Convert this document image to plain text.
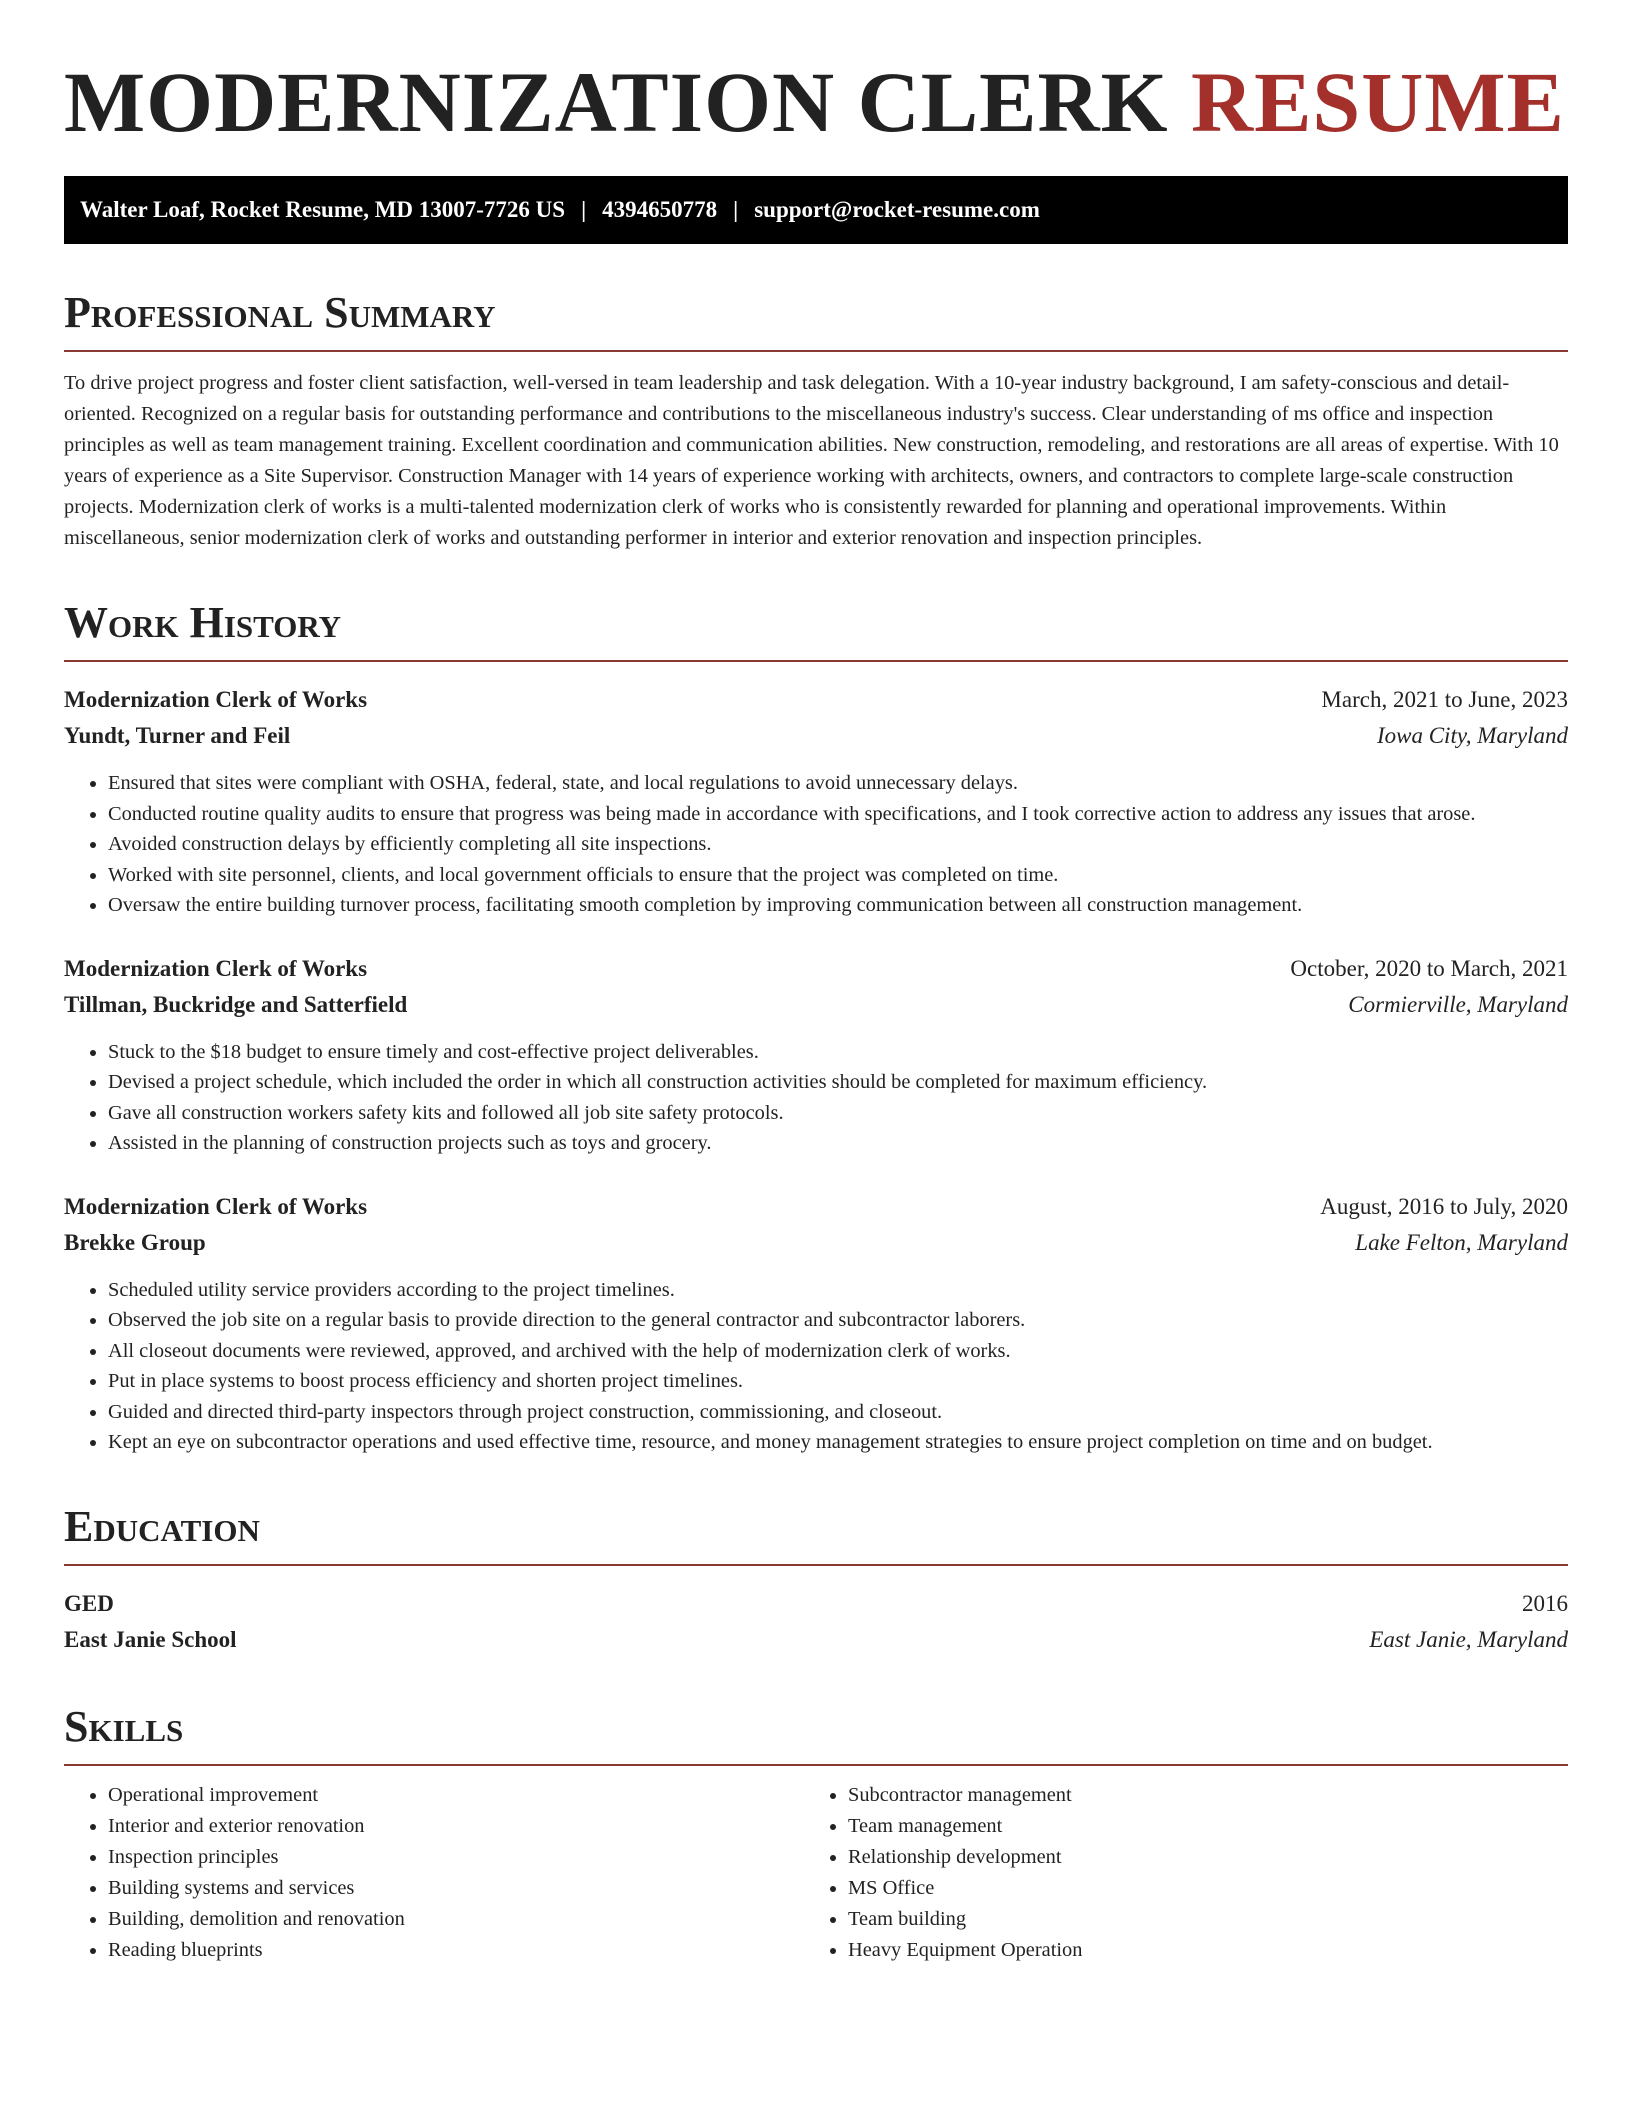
MODERNIZATION CLERK RESUME
Walter Loaf, Rocket Resume, MD 13007-7726 US | 4394650778 | support@rocket-resume.com
Professional Summary

To drive project progress and foster client satisfaction, well-versed in team leadership and task delegation. With a 10-year industry background, I am safety-conscious and detail-oriented. Recognized on a regular basis for outstanding performance and contributions to the miscellaneous industry's success. Clear understanding of ms office and inspection principles as well as team management training. Excellent coordination and communication abilities. New construction, remodeling, and restorations are all areas of expertise. With 10 years of experience as a Site Supervisor. Construction Manager with 14 years of experience working with architects, owners, and contractors to complete large-scale construction projects. Modernization clerk of works is a multi-talented modernization clerk of works who is consistently rewarded for planning and operational improvements. Within miscellaneous, senior modernization clerk of works and outstanding performer in interior and exterior renovation and inspection principles.

Work History
Modernization Clerk of Works	March, 2021 to June, 2023
Yundt, Turner and Feil	Iowa City, Maryland
• Ensured that sites were compliant with OSHA, federal, state, and local regulations to avoid unnecessary delays.
• Conducted routine quality audits to ensure that progress was being made in accordance with specifications, and I took corrective action to address any issues that arose.
• Avoided construction delays by efficiently completing all site inspections.
• Worked with site personnel, clients, and local government officials to ensure that the project was completed on time.
• Oversaw the entire building turnover process, facilitating smooth completion by improving communication between all construction management.
Modernization Clerk of Works	October, 2020 to March, 2021
Tillman, Buckridge and Satterfield	Cormierville, Maryland
• Stuck to the $18 budget to ensure timely and cost-effective project deliverables.
• Devised a project schedule, which included the order in which all construction activities should be completed for maximum efficiency.
• Gave all construction workers safety kits and followed all job site safety protocols.
• Assisted in the planning of construction projects such as toys and grocery.
Modernization Clerk of Works	August, 2016 to July, 2020
Brekke Group	Lake Felton, Maryland
• Scheduled utility service providers according to the project timelines.
• Observed the job site on a regular basis to provide direction to the general contractor and subcontractor laborers.
• All closeout documents were reviewed, approved, and archived with the help of modernization clerk of works.
• Put in place systems to boost process efficiency and shorten project timelines.
• Guided and directed third-party inspectors through project construction, commissioning, and closeout.
• Kept an eye on subcontractor operations and used effective time, resource, and money management strategies to ensure project completion on time and on budget.
Education
GED	2016
East Janie School	East Janie, Maryland
Skills
• Operational improvement
• Interior and exterior renovation
• Inspection principles
• Building systems and services
• Building, demolition and renovation
• Reading blueprints
• Subcontractor management
• Team management
• Relationship development
• MS Office
• Team building
• Heavy Equipment Operation
